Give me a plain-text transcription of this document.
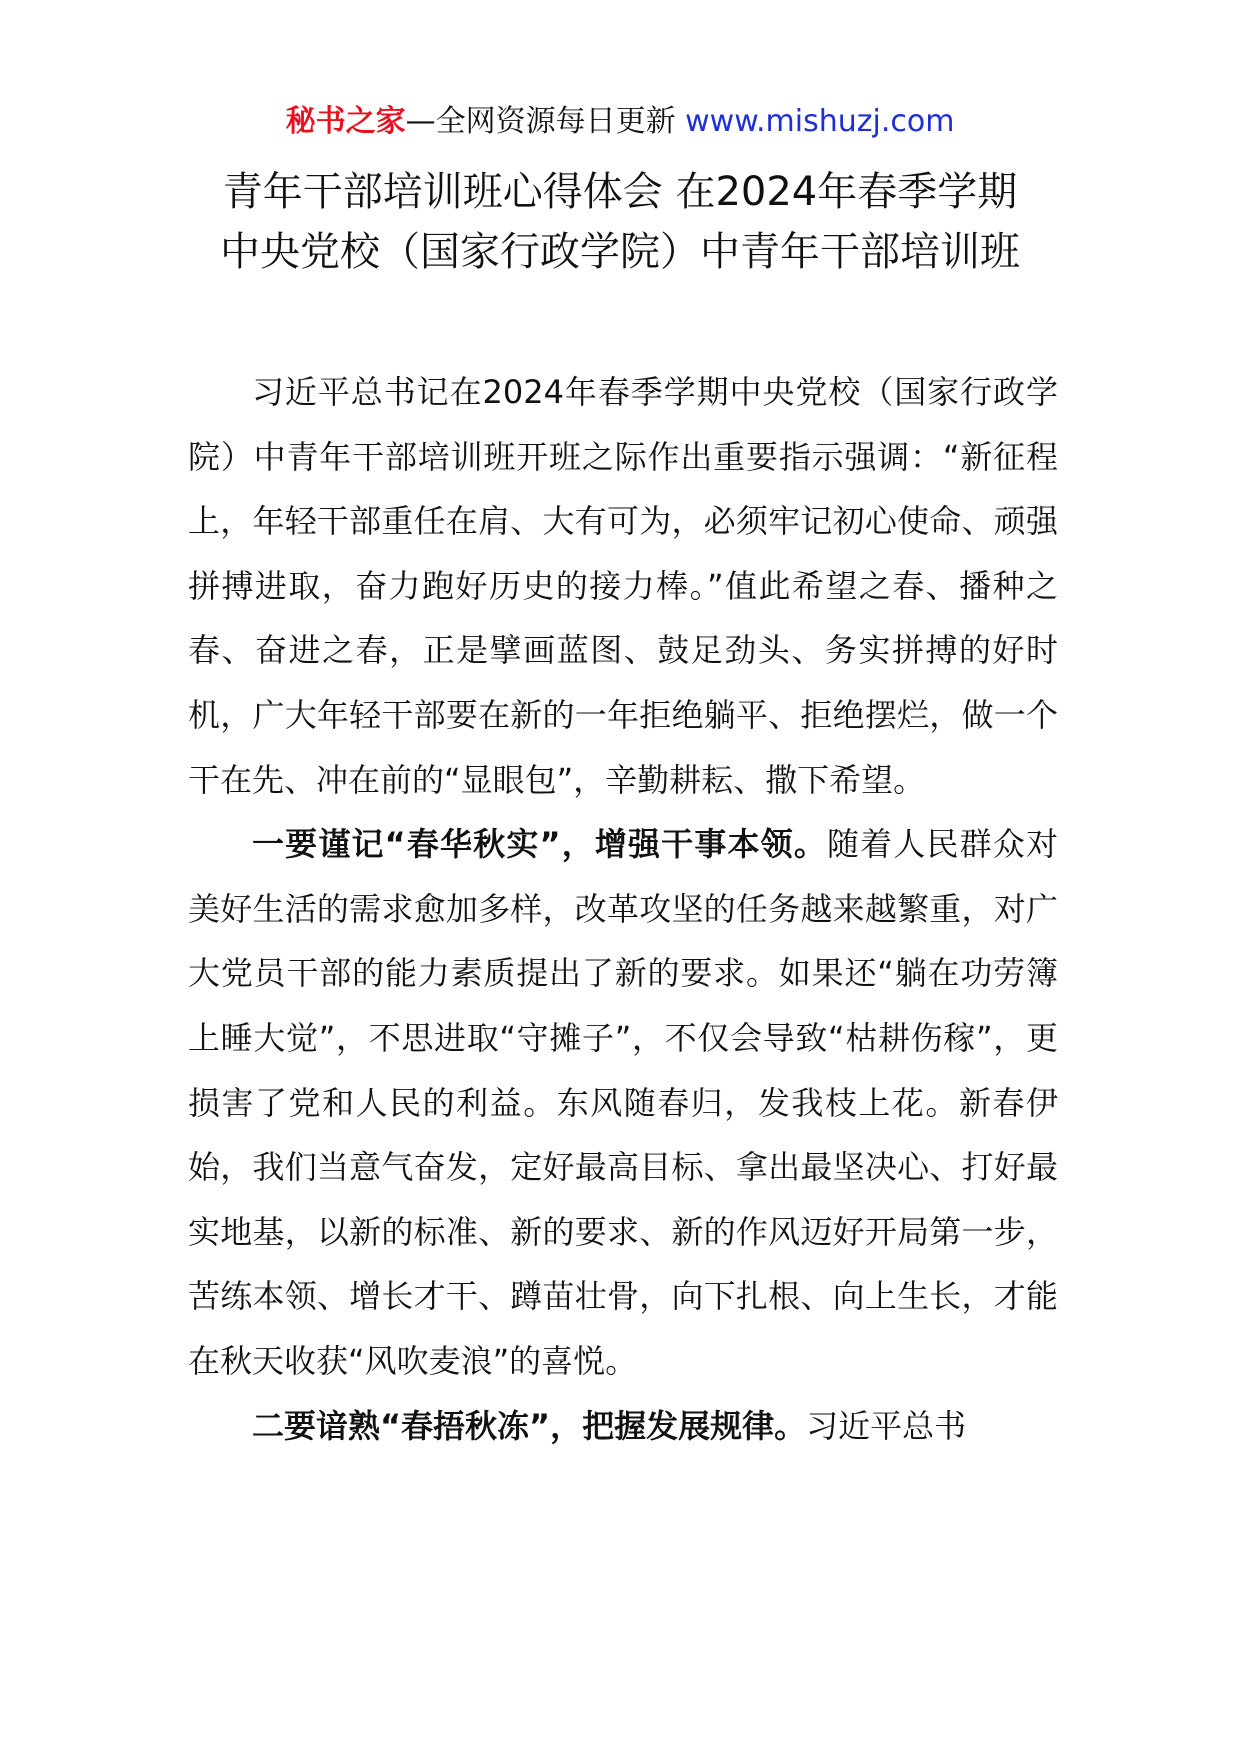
秘书之家—全网资源每日更新 www.mishuzj.com
青年干部培训班心得体会 在2024年春季学期
中央党校（国家行政学院）中青年干部培训班

习近平总书记在2024年春季学期中央党校（国家行政学院）中青年干部培训班开班之际作出重要指示强调：“新征程上，年轻干部重任在肩、大有可为，必须牢记初心使命、顽强拼搏进取，奋力跑好历史的接力棒。”值此希望之春、播种之春、奋进之春，正是擘画蓝图、鼓足劲头、务实拼搏的好时机，广大年轻干部要在新的一年拒绝躺平、拒绝摆烂，做一个干在先、冲在前的“显眼包”，辛勤耕耘、撒下希望。

一要谨记“春华秋实”，增强干事本领。随着人民群众对美好生活的需求愈加多样，改革攻坚的任务越来越繁重，对广大党员干部的能力素质提出了新的要求。如果还“躺在功劳簿上睡大觉”，不思进取“守摊子”，不仅会导致“枯耕伤稼”，更损害了党和人民的利益。东风随春归，发我枝上花。新春伊始，我们当意气奋发，定好最高目标、拿出最坚决心、打好最实地基，以新的标准、新的要求、新的作风迈好开局第一步，苦练本领、增长才干、蹲苗壮骨，向下扎根、向上生长，才能在秋天收获“风吹麦浪”的喜悦。

二要谙熟“春捂秋冻”，把握发展规律。习近平总书
